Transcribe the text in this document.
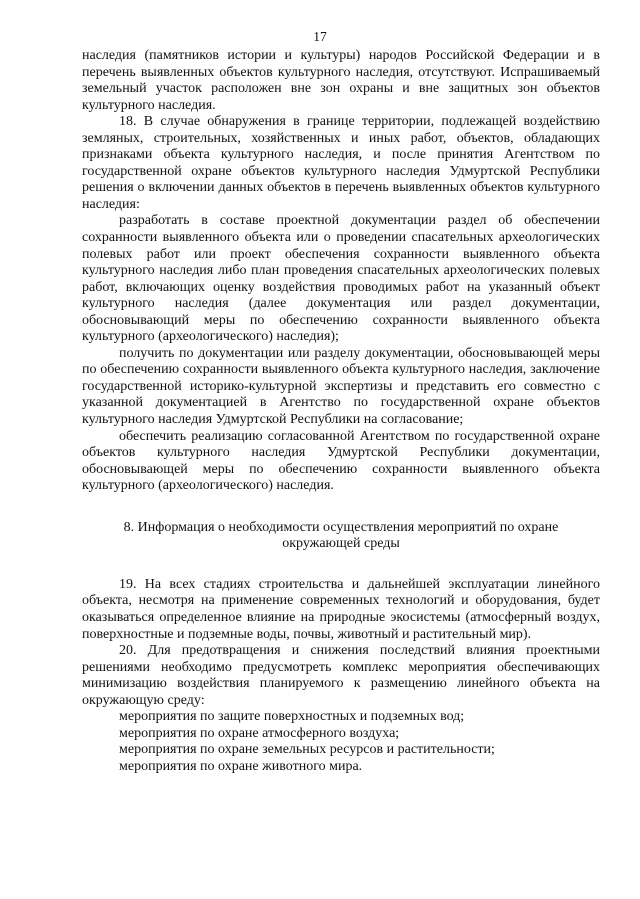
17

наследия (памятников истории и культуры) народов Российской Федерации и в перечень выявленных объектов культурного наследия, отсутствуют. Испрашиваемый земельный участок расположен вне зон охраны и вне защитных зон объектов культурного наследия.

18. В случае обнаружения в границе территории, подлежащей воздействию земляных, строительных, хозяйственных и иных работ, объектов, обладающих признаками объекта культурного наследия, и после принятия Агентством по государственной охране объектов культурного наследия Удмуртской Республики решения о включении данных объектов в перечень выявленных объектов культурного наследия:

разработать в составе проектной документации раздел об обеспечении сохранности выявленного объекта или о проведении спасательных археологических полевых работ или проект обеспечения сохранности выявленного объекта культурного наследия либо план проведения спасательных археологических полевых работ, включающих оценку воздействия проводимых работ на указанный объект культурного наследия (далее документация или раздел документации, обосновывающий меры по обеспечению сохранности выявленного объекта культурного (археологического) наследия);

получить по документации или разделу документации, обосновывающей меры по обеспечению сохранности выявленного объекта культурного наследия, заключение государственной историко-культурной экспертизы и представить его совместно с указанной документацией в Агентство по государственной охране объектов культурного наследия Удмуртской Республики на согласование;

обеспечить реализацию согласованной Агентством по государственной охране объектов культурного наследия Удмуртской Республики документации, обосновывающей меры по обеспечению сохранности выявленного объекта культурного (археологического) наследия.

8. Информация о необходимости осуществления мероприятий по охране
окружающей среды

19. На всех стадиях строительства и дальнейшей эксплуатации линейного объекта, несмотря на применение современных технологий и оборудования, будет оказываться определенное влияние на природные экосистемы (атмосферный воздух, поверхностные и подземные воды, почвы, животный и растительный мир).

20. Для предотвращения и снижения последствий влияния проектными решениями необходимо предусмотреть комплекс мероприятия обеспечивающих минимизацию воздействия планируемого к размещению линейного объекта на окружающую среду:

мероприятия по защите поверхностных и подземных вод;
мероприятия по охране атмосферного воздуха;
мероприятия по охране земельных ресурсов и растительности;
мероприятия по охране животного мира.
